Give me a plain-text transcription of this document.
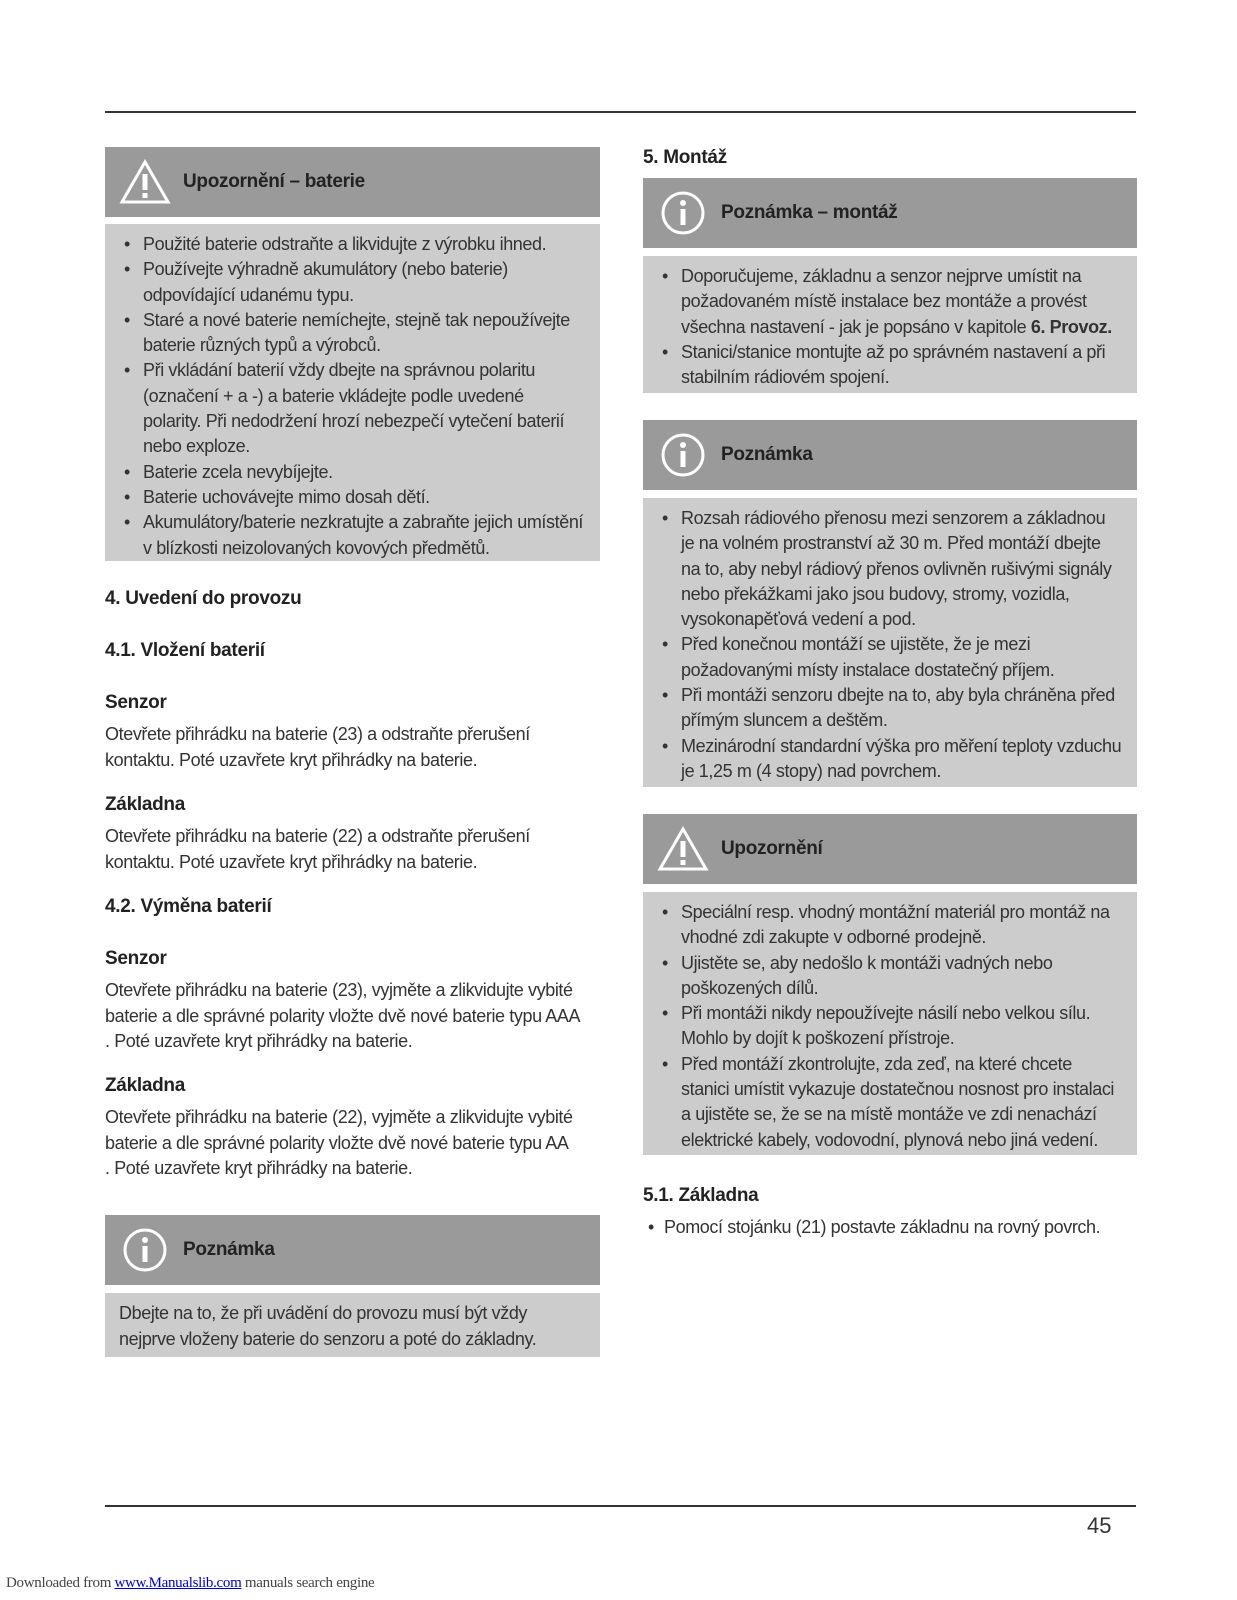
Upozornění – baterie
• Použité baterie odstraňte a likvidujte z výrobku ihned.
• Používejte výhradně akumulátory (nebo baterie) odpovídající udanému typu.
• Staré a nové baterie nemíchejte, stejně tak nepoužívejte baterie různých typů a výrobců.
• Při vkládání baterií vždy dbejte na správnou polaritu (označení + a -) a baterie vkládejte podle uvedené polarity. Při nedodržení hrozí nebezpečí vytečení baterií nebo exploze.
• Baterie zcela nevybíjejte.
• Baterie uchovávejte mimo dosah dětí.
• Akumulátory/baterie nezkratujte a zabraňte jejich umístění v blízkosti neizolovaných kovových předmětů.
4. Uvedení do provozu
4.1. Vložení baterií
Senzor
Otevřete přihrádku na baterie (23) a odstraňte přerušení kontaktu. Poté uzavřete kryt přihrádky na baterie.
Základna
Otevřete přihrádku na baterie (22) a odstraňte přerušení kontaktu. Poté uzavřete kryt přihrádky na baterie.
4.2. Výměna baterií
Senzor
Otevřete přihrádku na baterie (23), vyjměte a zlikvidujte vybité baterie a dle správné polarity vložte dvě nové baterie typu AAA . Poté uzavřete kryt přihrádky na baterie.
Základna
Otevřete přihrádku na baterie (22), vyjměte a zlikvidujte vybité baterie a dle správné polarity vložte dvě nové baterie typu AA . Poté uzavřete kryt přihrádky na baterie.
Poznámka

Dbejte na to, že při uvádění do provozu musí být vždy nejprve vloženy baterie do senzoru a poté do základny.

5. Montáž
Poznámka – montáž
• Doporučujeme, základnu a senzor nejprve umístit na požadovaném místě instalace bez montáže a provést všechna nastavení - jak je popsáno v kapitole 6. Provoz.
• Stanici/stanice montujte až po správném nastavení a při stabilním rádiovém spojení.
Poznámka
• Rozsah rádiového přenosu mezi senzorem a základnou je na volném prostranství až 30 m. Před montáží dbejte na to, aby nebyl rádiový přenos ovlivněn rušivými signály nebo překážkami jako jsou budovy, stromy, vozidla, vysokonapěťová vedení a pod.
• Před konečnou montáží se ujistěte, že je mezi požadovanými místy instalace dostatečný příjem.
• Při montáži senzoru dbejte na to, aby byla chráněna před přímým sluncem a deštěm.
• Mezinárodní standardní výška pro měření teploty vzduchu je 1,25 m (4 stopy) nad povrchem.
Upozornění
• Speciální resp. vhodný montážní materiál pro montáž na vhodné zdi zakupte v odborné prodejně.
• Ujistěte se, aby nedošlo k montáži vadných nebo poškozených dílů.
• Při montáži nikdy nepoužívejte násilí nebo velkou sílu. Mohlo by dojít k poškození přístroje.
• Před montáží zkontrolujte, zda zeď, na které chcete stanici umístit vykazuje dostatečnou nosnost pro instalaci a ujistěte se, že se na místě montáže ve zdi nenachází elektrické kabely, vodovodní, plynová nebo jiná vedení.
5.1. Základna
• Pomocí stojánku (21) postavte základnu na rovný povrch.
45
Downloaded from www.Manualslib.com manuals search engine
